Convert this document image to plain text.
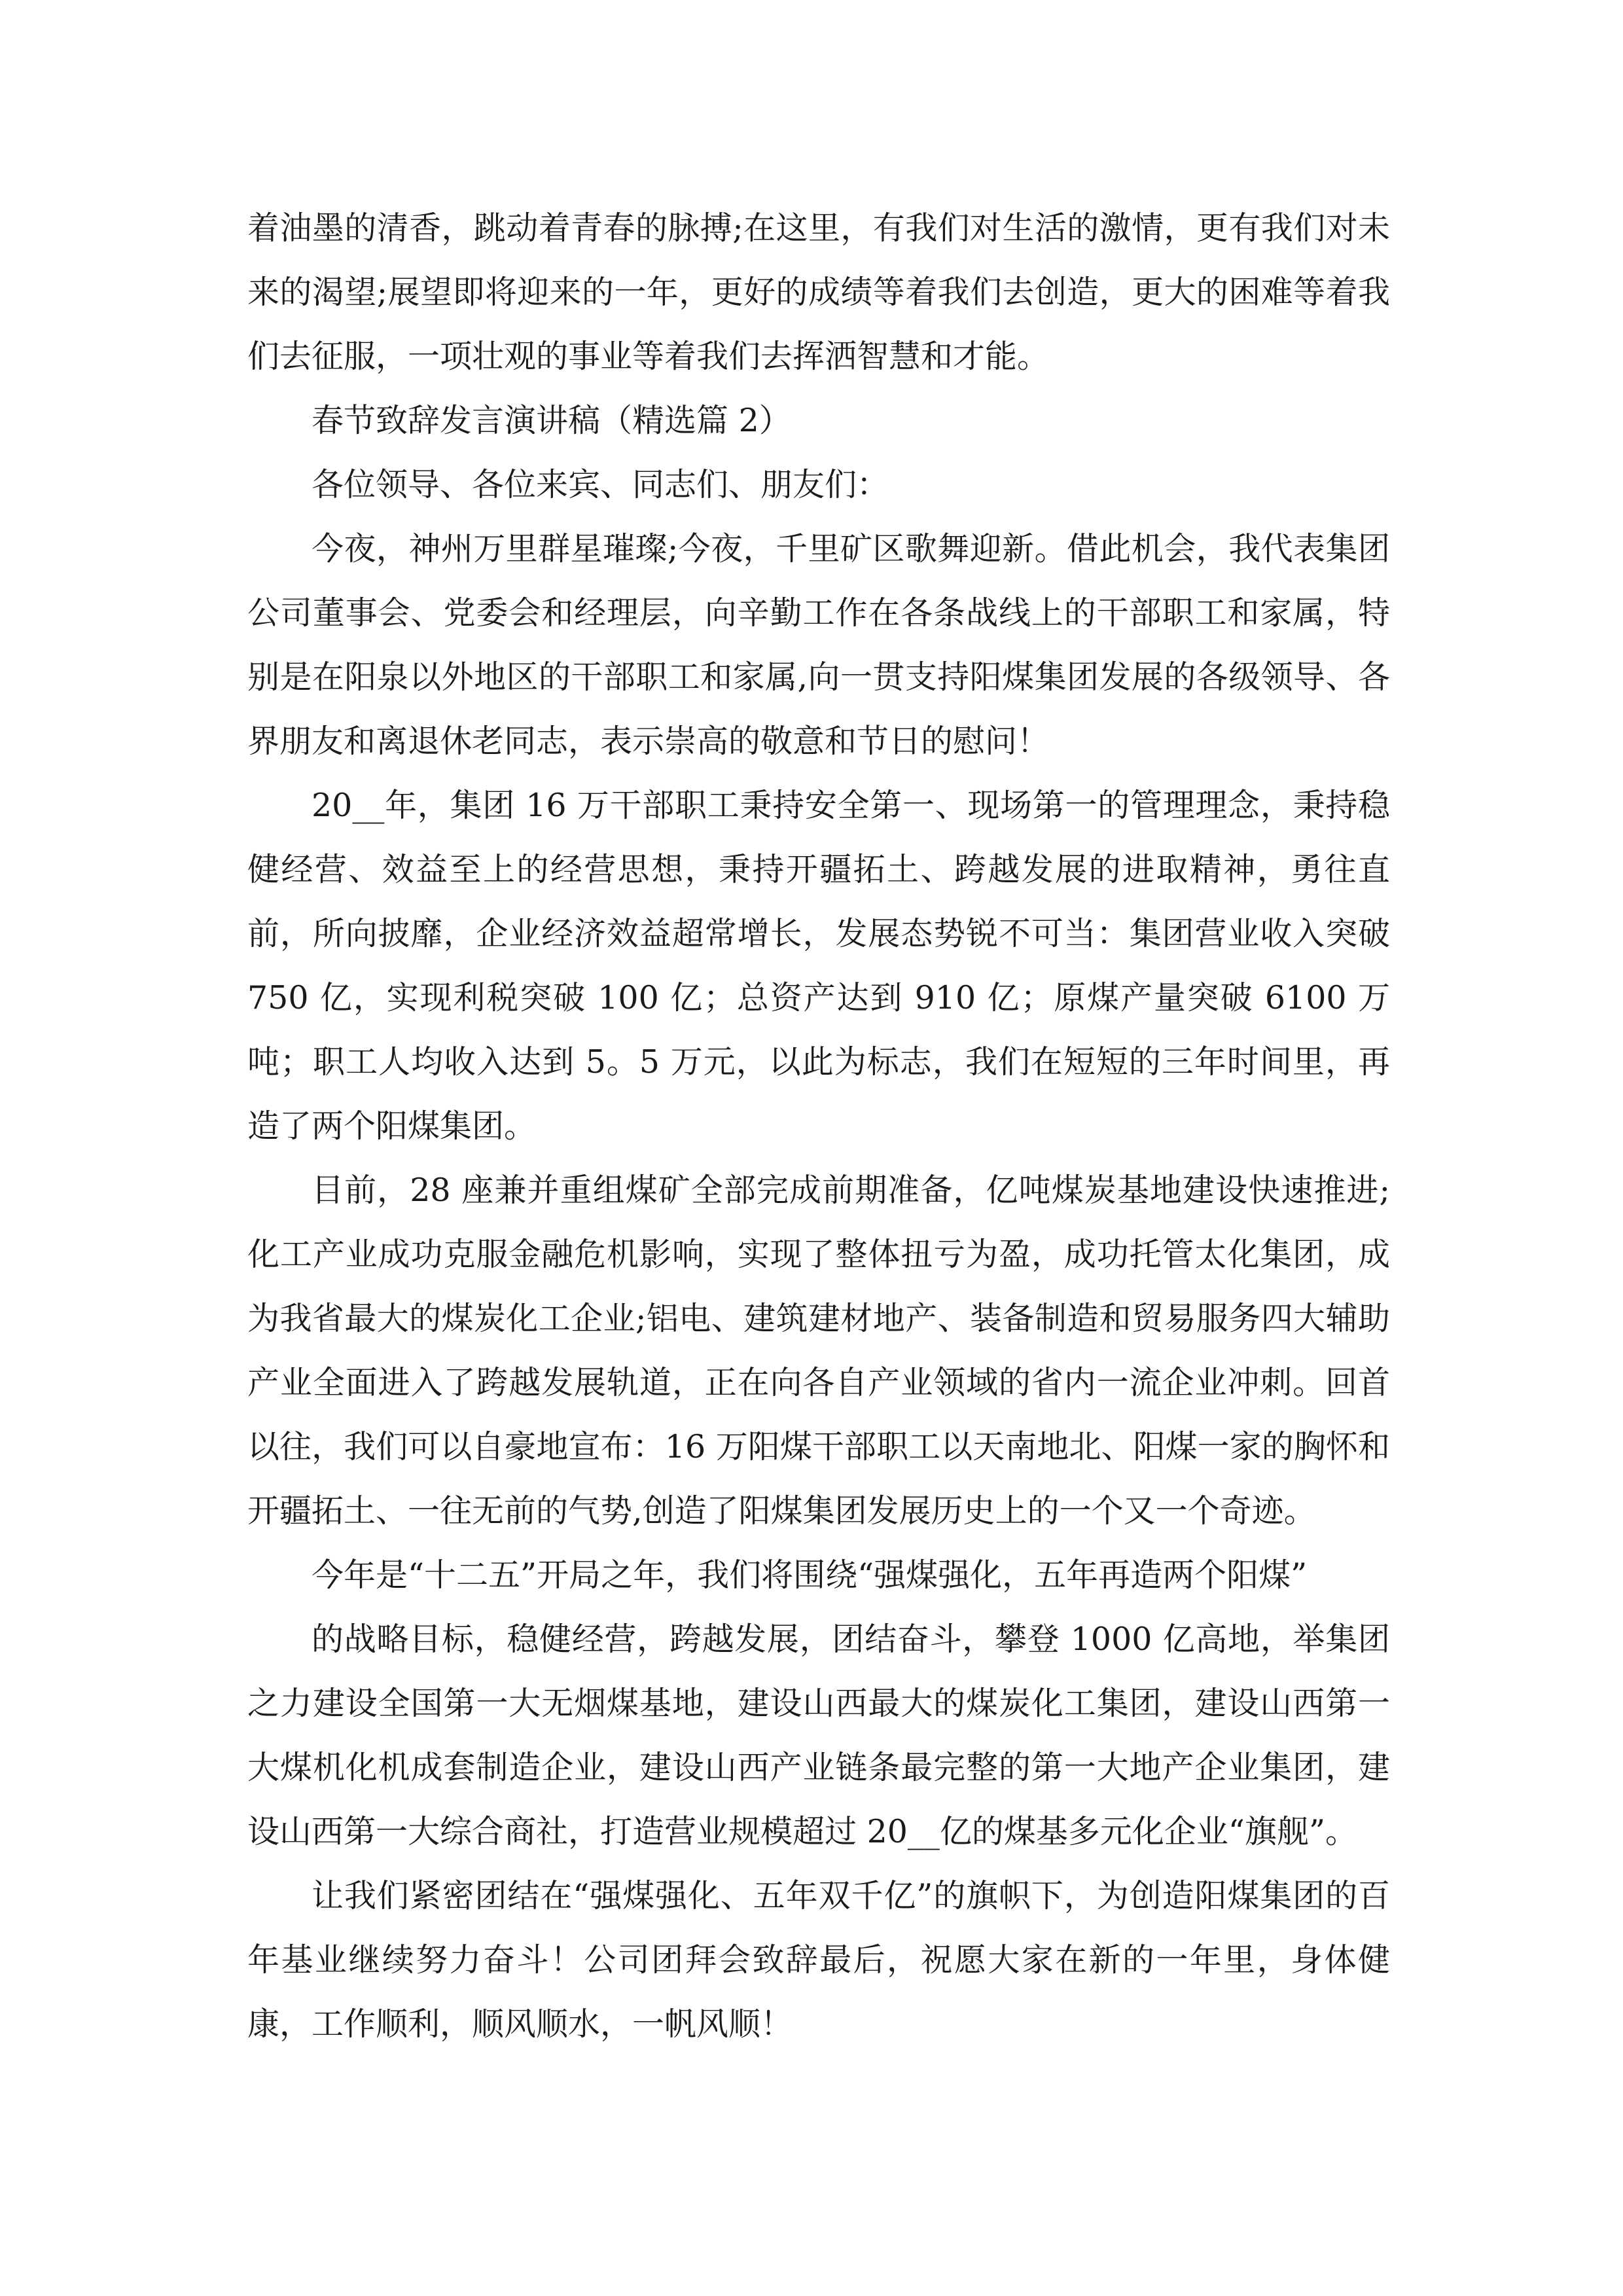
着油墨的清香，跳动着青春的脉搏;在这里，有我们对生活的激情，更有我们对未来的渴望;展望即将迎来的一年，更好的成绩等着我们去创造，更大的困难等着我们去征服，一项壮观的事业等着我们去挥洒智慧和才能。

春节致辞发言演讲稿（精选篇 2）

各位领导、各位来宾、同志们、朋友们：

今夜，神州万里群星璀璨;今夜，千里矿区歌舞迎新。借此机会，我代表集团公司董事会、党委会和经理层，向辛勤工作在各条战线上的干部职工和家属，特别是在阳泉以外地区的干部职工和家属,向一贯支持阳煤集团发展的各级领导、各界朋友和离退休老同志，表示崇高的敬意和节日的慰问！

20__年，集团 16 万干部职工秉持安全第一、现场第一的管理理念，秉持稳健经营、效益至上的经营思想，秉持开疆拓土、跨越发展的进取精神，勇往直前，所向披靡，企业经济效益超常增长，发展态势锐不可当：集团营业收入突破 750 亿，实现利税突破 100 亿；总资产达到 910 亿；原煤产量突破 6100 万吨；职工人均收入达到 5。5 万元，以此为标志，我们在短短的三年时间里，再造了两个阳煤集团。

目前，28 座兼并重组煤矿全部完成前期准备，亿吨煤炭基地建设快速推进;化工产业成功克服金融危机影响，实现了整体扭亏为盈，成功托管太化集团，成为我省最大的煤炭化工企业;铝电、建筑建材地产、装备制造和贸易服务四大辅助产业全面进入了跨越发展轨道，正在向各自产业领域的省内一流企业冲刺。回首以往，我们可以自豪地宣布：16 万阳煤干部职工以天南地北、阳煤一家的胸怀和开疆拓土、一往无前的气势,创造了阳煤集团发展历史上的一个又一个奇迹。

今年是“十二五”开局之年，我们将围绕“强煤强化，五年再造两个阳煤”

的战略目标，稳健经营，跨越发展，团结奋斗，攀登 1000 亿高地，举集团之力建设全国第一大无烟煤基地，建设山西最大的煤炭化工集团，建设山西第一大煤机化机成套制造企业，建设山西产业链条最完整的第一大地产企业集团，建设山西第一大综合商社，打造营业规模超过 20__亿的煤基多元化企业“旗舰”。

让我们紧密团结在“强煤强化、五年双千亿”的旗帜下，为创造阳煤集团的百年基业继续努力奋斗！公司团拜会致辞最后，祝愿大家在新的一年里，身体健康，工作顺利，顺风顺水，一帆风顺！
